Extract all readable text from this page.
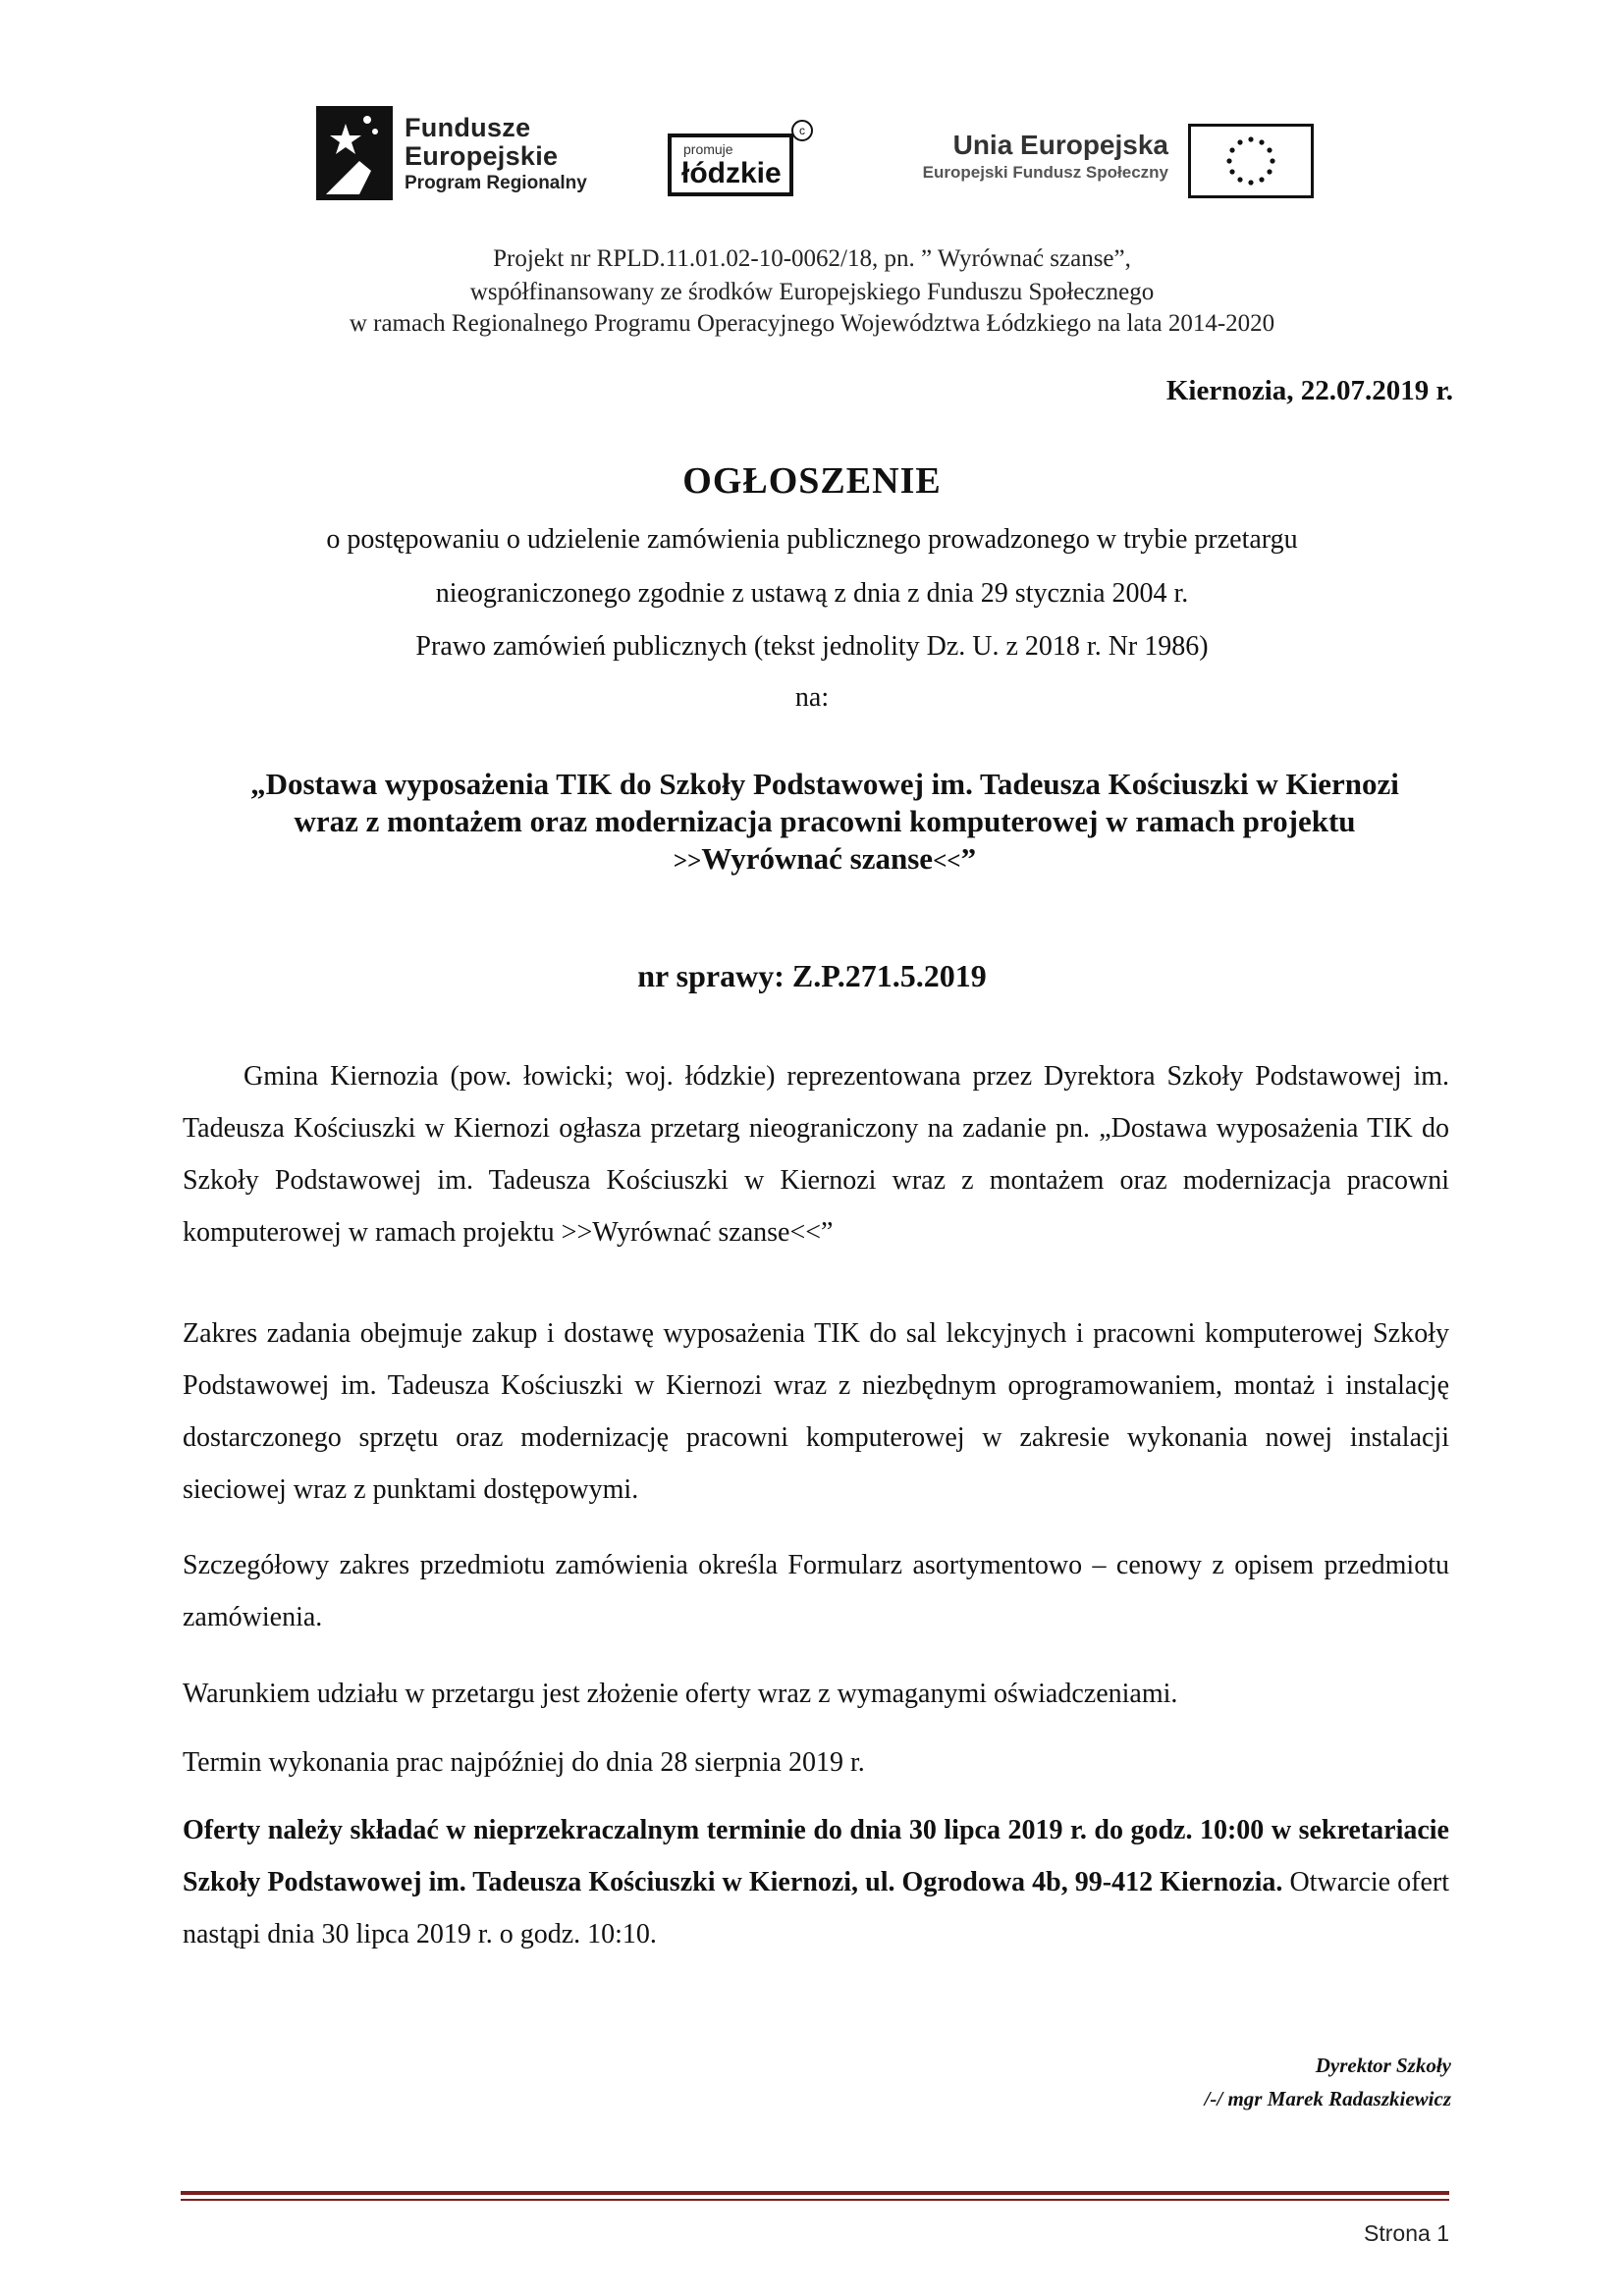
Fundusze
Europejskie
Program Regionalny
promuje
łódzkie
c	Unia Europejska
Europejski Fundusz Społeczny
Projekt nr RPLD.11.01.02-10-0062/18, pn. ” Wyrównać szanse”,
współfinansowany ze środków Europejskiego Funduszu Społecznego
w ramach Regionalnego Programu Operacyjnego Województwa Łódzkiego na lata 2014-2020
Kiernozia, 22.07.2019 r.
OGŁOSZENIE
o postępowaniu o udzielenie zamówienia publicznego prowadzonego w trybie przetargu
nieograniczonego zgodnie z ustawą z dnia z dnia 29 stycznia 2004 r.
Prawo zamówień publicznych (tekst jednolity Dz. U. z 2018 r. Nr 1986)
na:
„Dostawa wyposażenia TIK do Szkoły Podstawowej im. Tadeusza Kościuszki w Kiernozi
wraz z montażem oraz modernizacja pracowni komputerowej w ramach projektu
>>Wyrównać szanse<<”
nr sprawy: Z.P.271.5.2019
Gmina Kiernozia (pow. łowicki; woj. łódzkie) reprezentowana przez Dyrektora Szkoły Podstawowej im. Tadeusza Kościuszki w Kiernozi ogłasza przetarg nieograniczony na zadanie pn. „Dostawa wyposażenia TIK do Szkoły Podstawowej im. Tadeusza Kościuszki w Kiernozi wraz z montażem oraz modernizacja pracowni komputerowej w ramach projektu >>Wyrównać szanse<<”
Zakres zadania obejmuje zakup i dostawę wyposażenia TIK do sal lekcyjnych i pracowni komputerowej Szkoły Podstawowej im. Tadeusza Kościuszki w Kiernozi wraz z niezbędnym oprogramowaniem, montaż i instalację dostarczonego sprzętu oraz modernizację pracowni komputerowej w zakresie wykonania nowej instalacji sieciowej wraz z punktami dostępowymi.
Szczegółowy zakres przedmiotu zamówienia określa Formularz asortymentowo – cenowy z opisem przedmiotu zamówienia.
Warunkiem udziału w przetargu jest złożenie oferty wraz z wymaganymi oświadczeniami.
Termin wykonania prac najpóźniej do dnia 28 sierpnia 2019 r.
Oferty należy składać w nieprzekraczalnym terminie do dnia 30 lipca 2019 r. do godz. 10:00 w sekretariacie Szkoły Podstawowej im. Tadeusza Kościuszki w Kiernozi, ul. Ogrodowa 4b, 99-412 Kiernozia. Otwarcie ofert nastąpi dnia 30 lipca 2019 r. o godz. 10:10.
Dyrektor Szkoły
/-/ mgr Marek Radaszkiewicz
Strona 1
